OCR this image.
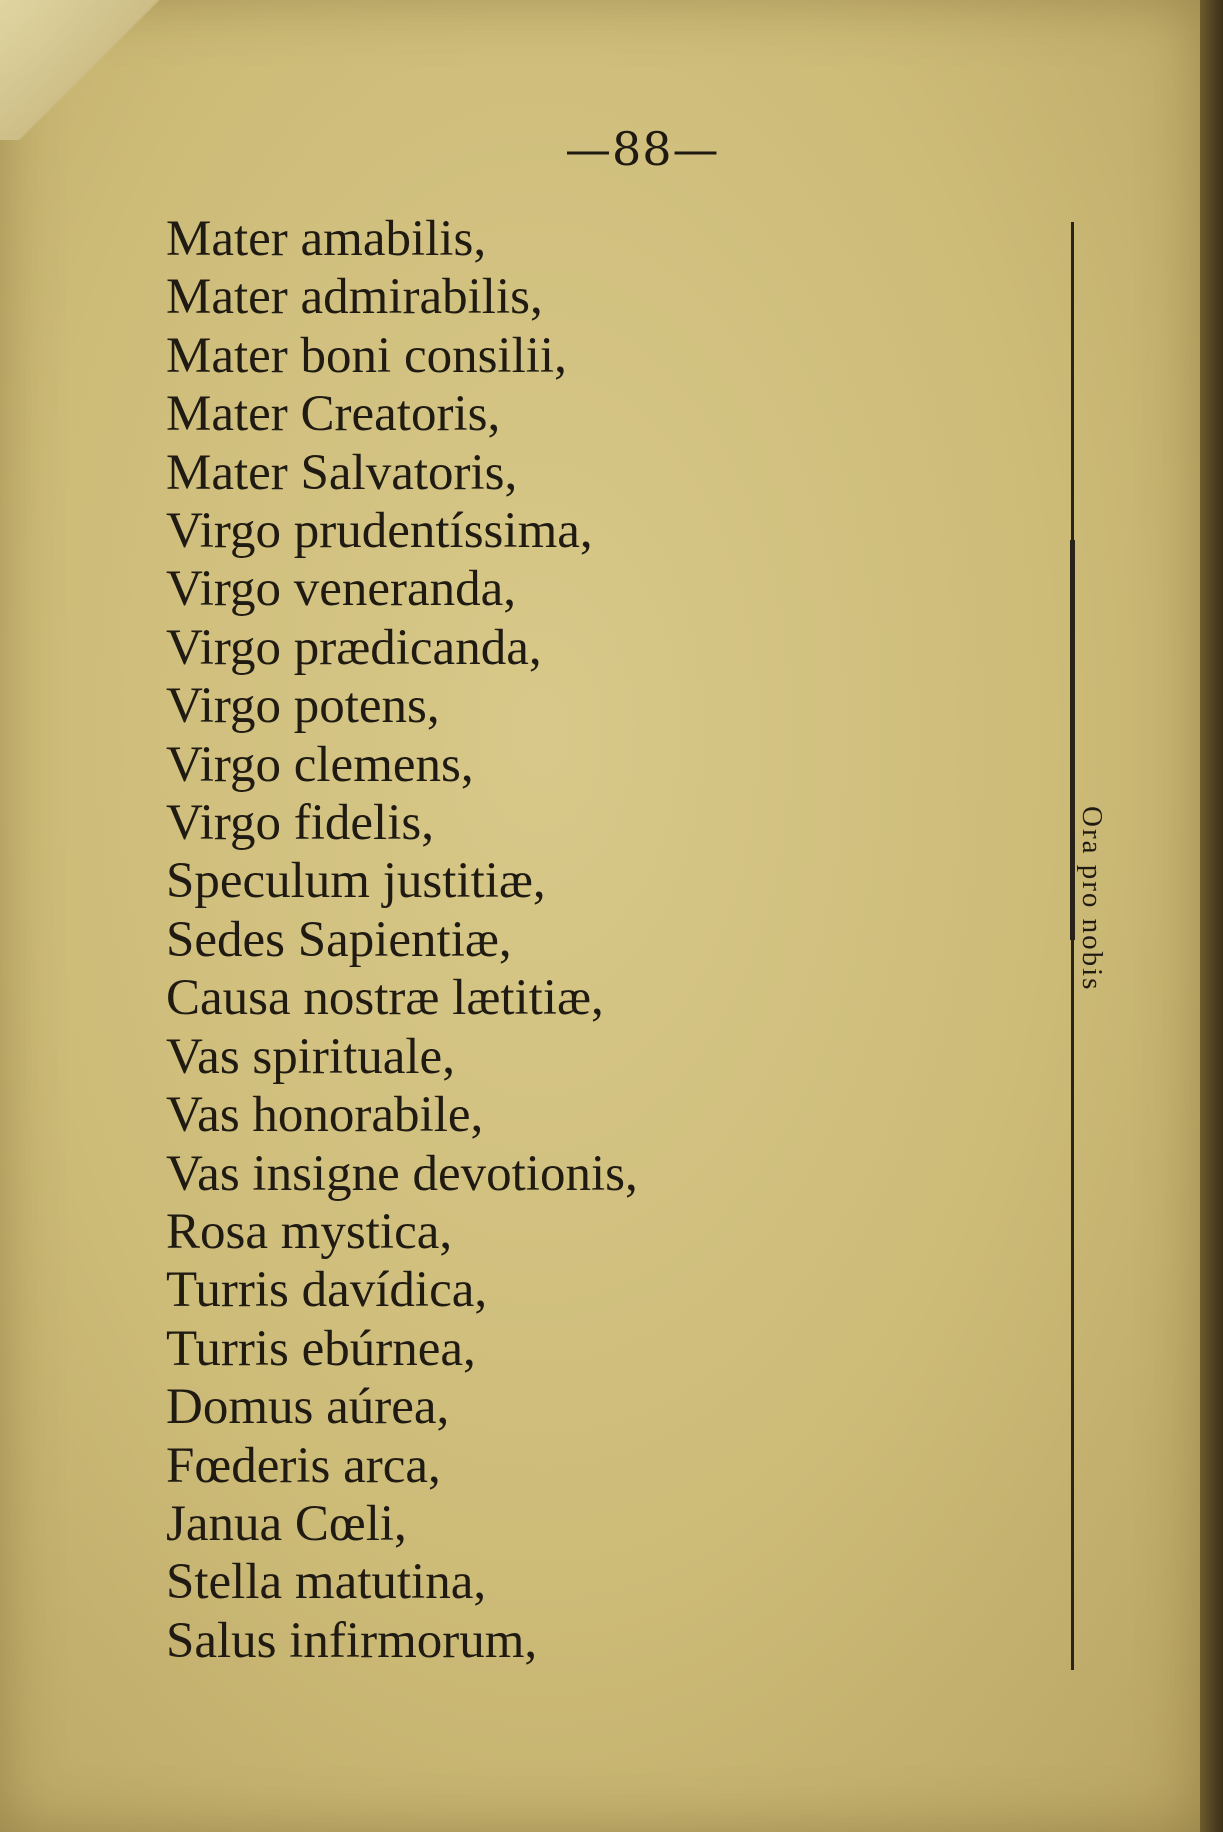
—88—
Mater amabilis,
Mater admirabilis,
Mater boni consilii,
Mater Creatoris,
Mater Salvatoris,
Virgo prudentíssima,
Virgo veneranda,
Virgo prædicanda,
Virgo potens,
Virgo clemens,
Virgo fidelis,
Speculum justitiæ,
Sedes Sapientiæ,
Causa nostræ lætitiæ,
Vas spirituale,
Vas honorabile,
Vas insigne devotionis,
Rosa mystica,
Turris davídica,
Turris ebúrnea,
Domus aúrea,
Fœderis arca,
Janua Cœli,
Stella matutina,
Salus infirmorum,
Ora pro nobis
